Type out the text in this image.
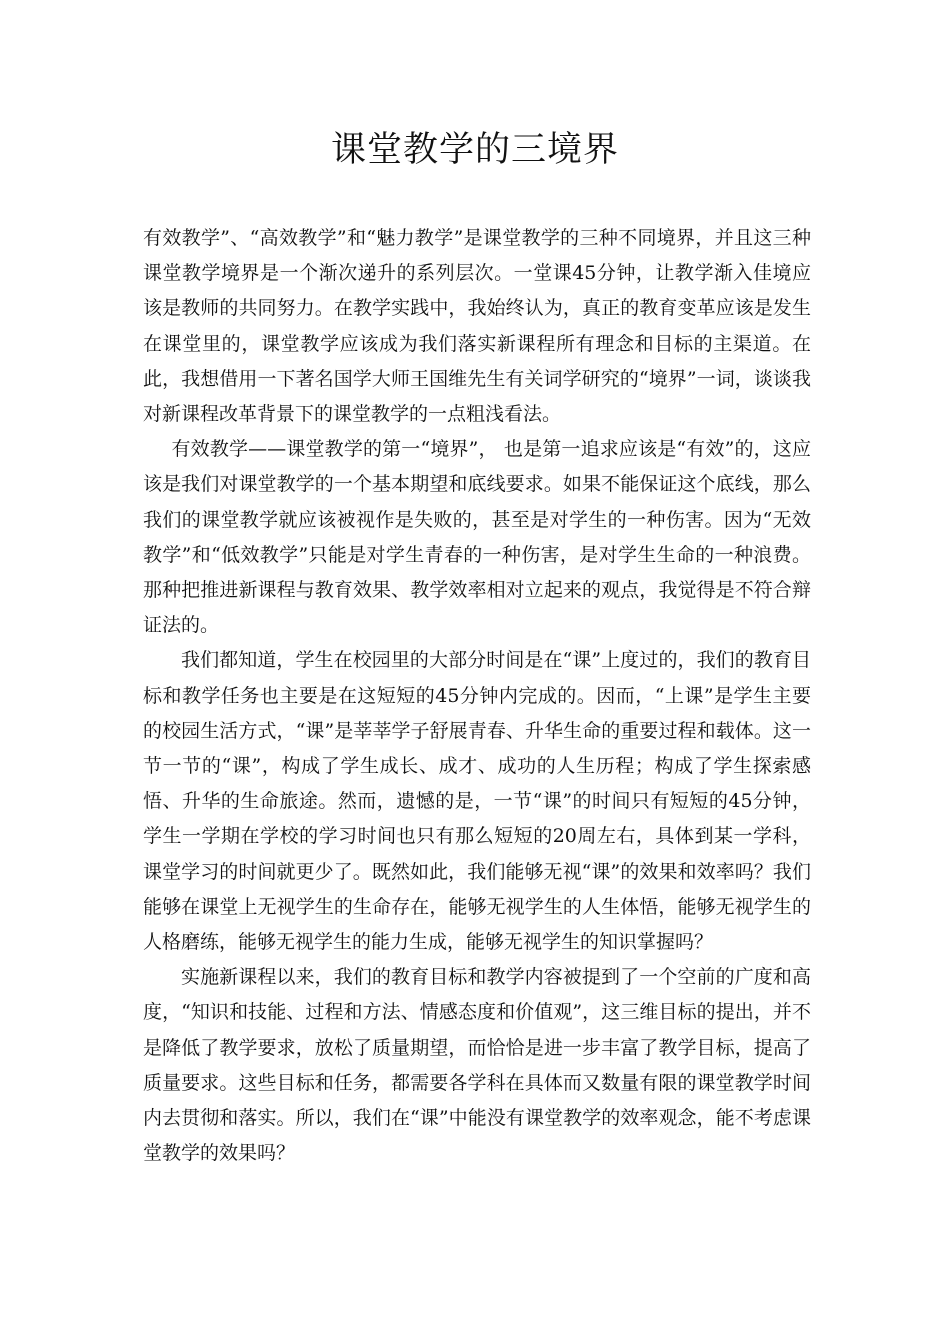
课堂教学的三境界

有效教学”、“高效教学”和“魅力教学”是课堂教学的三种不同境界，并且这三种课堂教学境界是一个渐次递升的系列层次。一堂课45分钟，让教学渐入佳境应该是教师的共同努力。在教学实践中，我始终认为，真正的教育变革应该是发生在课堂里的，课堂教学应该成为我们落实新课程所有理念和目标的主渠道。在此，我想借用一下著名国学大师王国维先生有关词学研究的“境界”一词，谈谈我对新课程改革背景下的课堂教学的一点粗浅看法。

有效教学——课堂教学的第一“境界”， 也是第一追求应该是“有效”的，这应该是我们对课堂教学的一个基本期望和底线要求。如果不能保证这个底线，那么我们的课堂教学就应该被视作是失败的，甚至是对学生的一种伤害。因为“无效教学”和“低效教学”只能是对学生青春的一种伤害，是对学生生命的一种浪费。那种把推进新课程与教育效果、教学效率相对立起来的观点，我觉得是不符合辩证法的。

我们都知道，学生在校园里的大部分时间是在“课”上度过的，我们的教育目标和教学任务也主要是在这短短的45分钟内完成的。因而，“上课”是学生主要的校园生活方式，“课”是莘莘学子舒展青春、升华生命的重要过程和载体。这一节一节的“课”，构成了学生成长、成才、成功的人生历程；构成了学生探索感悟、升华的生命旅途。然而，遗憾的是，一节“课”的时间只有短短的45分钟，学生一学期在学校的学习时间也只有那么短短的20周左右，具体到某一学科，课堂学习的时间就更少了。既然如此，我们能够无视“课”的效果和效率吗？我们能够在课堂上无视学生的生命存在，能够无视学生的人生体悟，能够无视学生的人格磨练，能够无视学生的能力生成，能够无视学生的知识掌握吗？

实施新课程以来，我们的教育目标和教学内容被提到了一个空前的广度和高度，“知识和技能、过程和方法、情感态度和价值观”，这三维目标的提出，并不是降低了教学要求，放松了质量期望，而恰恰是进一步丰富了教学目标，提高了质量要求。这些目标和任务，都需要各学科在具体而又数量有限的课堂教学时间内去贯彻和落实。所以，我们在“课”中能没有课堂教学的效率观念，能不考虑课堂教学的效果吗？
